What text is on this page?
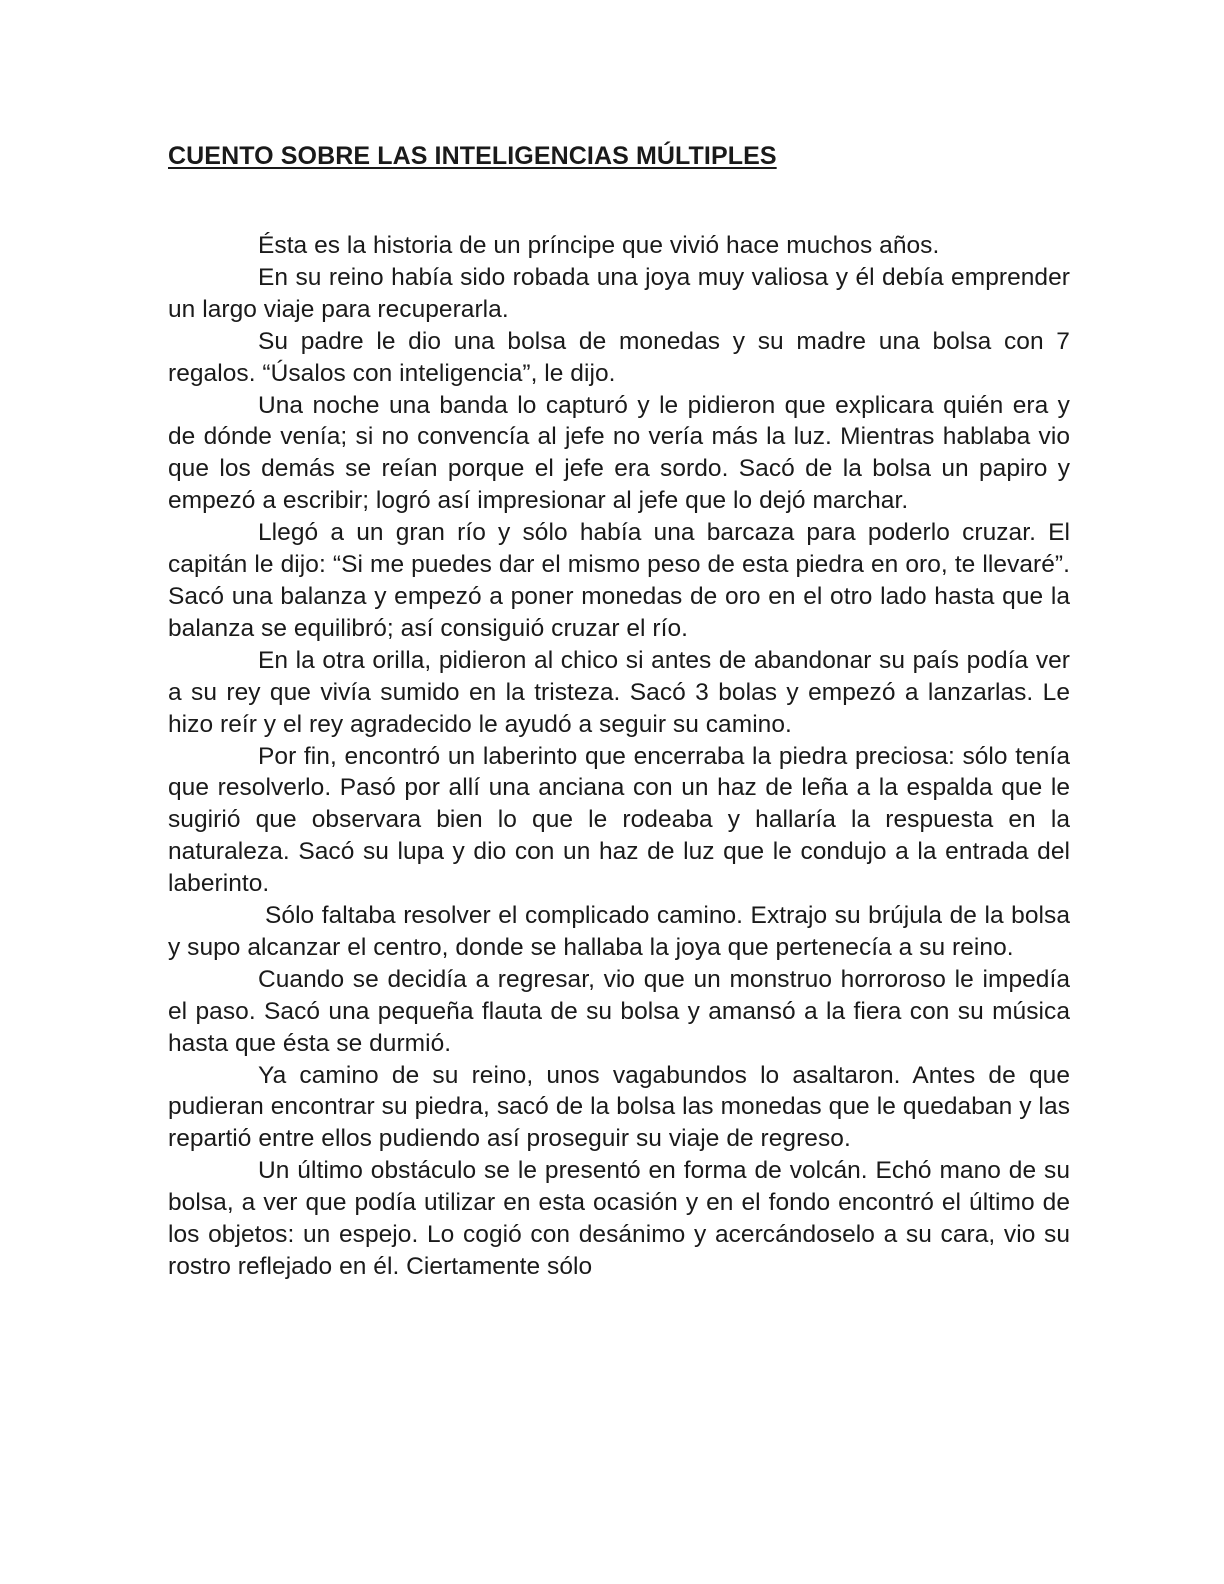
CUENTO SOBRE LAS INTELIGENCIAS MÚLTIPLES

Ésta es la historia de un príncipe que vivió hace muchos años.

En su reino había sido robada una joya muy valiosa y él debía emprender un largo viaje para recuperarla.

Su padre le dio una bolsa de monedas y su madre una bolsa con 7 regalos. “Úsalos con inteligencia”, le dijo.

Una noche una banda lo capturó y le pidieron que explicara quién era y de dónde venía; si no convencía al jefe no vería más la luz. Mientras hablaba vio que los demás se reían porque el jefe era sordo. Sacó de la bolsa un papiro y empezó a escribir; logró así impresionar al jefe que lo dejó marchar.

Llegó a un gran río y sólo había una barcaza para poderlo cruzar. El capitán le dijo: “Si me puedes dar el mismo peso de esta piedra en oro, te llevaré”. Sacó una balanza y empezó a poner monedas de oro en el otro lado hasta que la balanza se equilibró; así consiguió cruzar el río.

En la otra orilla, pidieron al chico si antes de abandonar su país podía ver a su rey que vivía sumido en la tristeza. Sacó 3 bolas y empezó a lanzarlas. Le hizo reír y el rey agradecido le ayudó a seguir su camino.

Por fin, encontró un laberinto que encerraba la piedra preciosa: sólo tenía que resolverlo. Pasó por allí una anciana con un haz de leña a la espalda que le sugirió que observara bien lo que le rodeaba y hallaría la respuesta en la naturaleza. Sacó su lupa y dio con un haz de luz que le condujo a la entrada del laberinto.

Sólo faltaba resolver el complicado camino. Extrajo su brújula de la bolsa y supo alcanzar el centro, donde se hallaba la joya que pertenecía a su reino.

Cuando se decidía a regresar, vio que un monstruo horroroso le impedía el paso. Sacó una pequeña flauta de su bolsa y amansó a la fiera con su música hasta que ésta se durmió.

Ya camino de su reino, unos vagabundos lo asaltaron. Antes de que pudieran encontrar su piedra, sacó de la bolsa las monedas que le quedaban y las repartió entre ellos pudiendo así proseguir su viaje de regreso.

Un último obstáculo se le presentó en forma de volcán. Echó mano de su bolsa, a ver que podía utilizar en esta ocasión y en el fondo encontró el último de los objetos: un espejo. Lo cogió con desánimo y acercándoselo a su cara, vio su rostro reflejado en él. Ciertamente sólo
